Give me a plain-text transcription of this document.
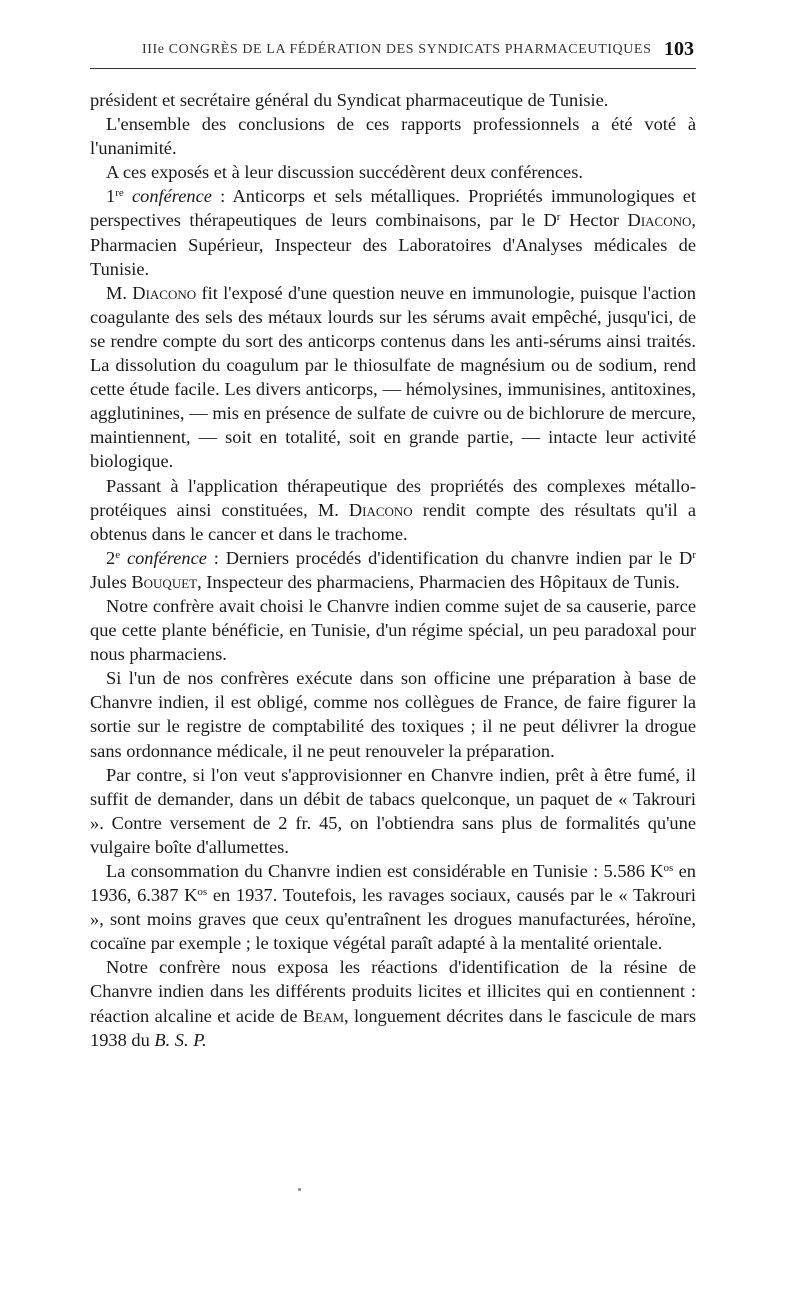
IIIe CONGRÈS DE LA FÉDÉRATION DES SYNDICATS PHARMACEUTIQUES 103

président et secrétaire général du Syndicat pharmaceutique de Tunisie.

L'ensemble des conclusions de ces rapports professionnels a été voté à l'unanimité.

A ces exposés et à leur discussion succédèrent deux conférences.

1re conférence : Anticorps et sels métalliques. Propriétés immunologiques et perspectives thérapeutiques de leurs combinaisons, par le $D^r$ Hector Diacono, Pharmacien Supérieur, Inspecteur des Laboratoires d'Analyses médicales de Tunisie.

M. Diacono fit l'exposé d'une question neuve en immunologie, puisque l'action coagulante des sels des métaux lourds sur les sérums avait empêché, jusqu'ici, de se rendre compte du sort des anticorps contenus dans les anti-sérums ainsi traités. La dissolution du coagulum par le thiosulfate de magnésium ou de sodium, rend cette étude facile. Les divers anticorps, — hémolysines, immunisines, antitoxines, agglutinines, — mis en présence de sulfate de cuivre ou de bichlorure de mercure, maintiennent, — soit en totalité, soit en grande partie, — intacte leur activité biologique.

Passant à l'application thérapeutique des propriétés des complexes métallo-protéiques ainsi constituées, M. Diacono rendit compte des résultats qu'il a obtenus dans le cancer et dans le trachome.

2e conférence : Derniers procédés d'identification du chanvre indien par le $D^r$ Jules Bouquet, Inspecteur des pharmaciens, Pharmacien des Hôpitaux de Tunis.

Notre confrère avait choisi le Chanvre indien comme sujet de sa causerie, parce que cette plante bénéficie, en Tunisie, d'un régime spécial, un peu paradoxal pour nous pharmaciens.

Si l'un de nos confrères exécute dans son officine une préparation à base de Chanvre indien, il est obligé, comme nos collègues de France, de faire figurer la sortie sur le registre de comptabilité des toxiques ; il ne peut délivrer la drogue sans ordonnance médicale, il ne peut renouveler la préparation.

Par contre, si l'on veut s'approvisionner en Chanvre indien, prêt à être fumé, il suffit de demander, dans un débit de tabacs quelconque, un paquet de « Takrouri ». Contre versement de 2 fr. 45, on l'obtiendra sans plus de formalités qu'une vulgaire boîte d'allumettes.

La consommation du Chanvre indien est considérable en Tunisie : 5.586 $K^{os}$ en 1936, 6.387 $K^{os}$ en 1937. Toutefois, les ravages sociaux, causés par le « Takrouri », sont moins graves que ceux qu'entraînent les drogues manufacturées, héroïne, cocaïne par exemple ; le toxique végétal paraît adapté à la mentalité orientale.

Notre confrère nous exposa les réactions d'identification de la résine de Chanvre indien dans les différents produits licites et illicites qui en contiennent : réaction alcaline et acide de Beam, longuement décrites dans le fascicule de mars 1938 du B. S. P.
